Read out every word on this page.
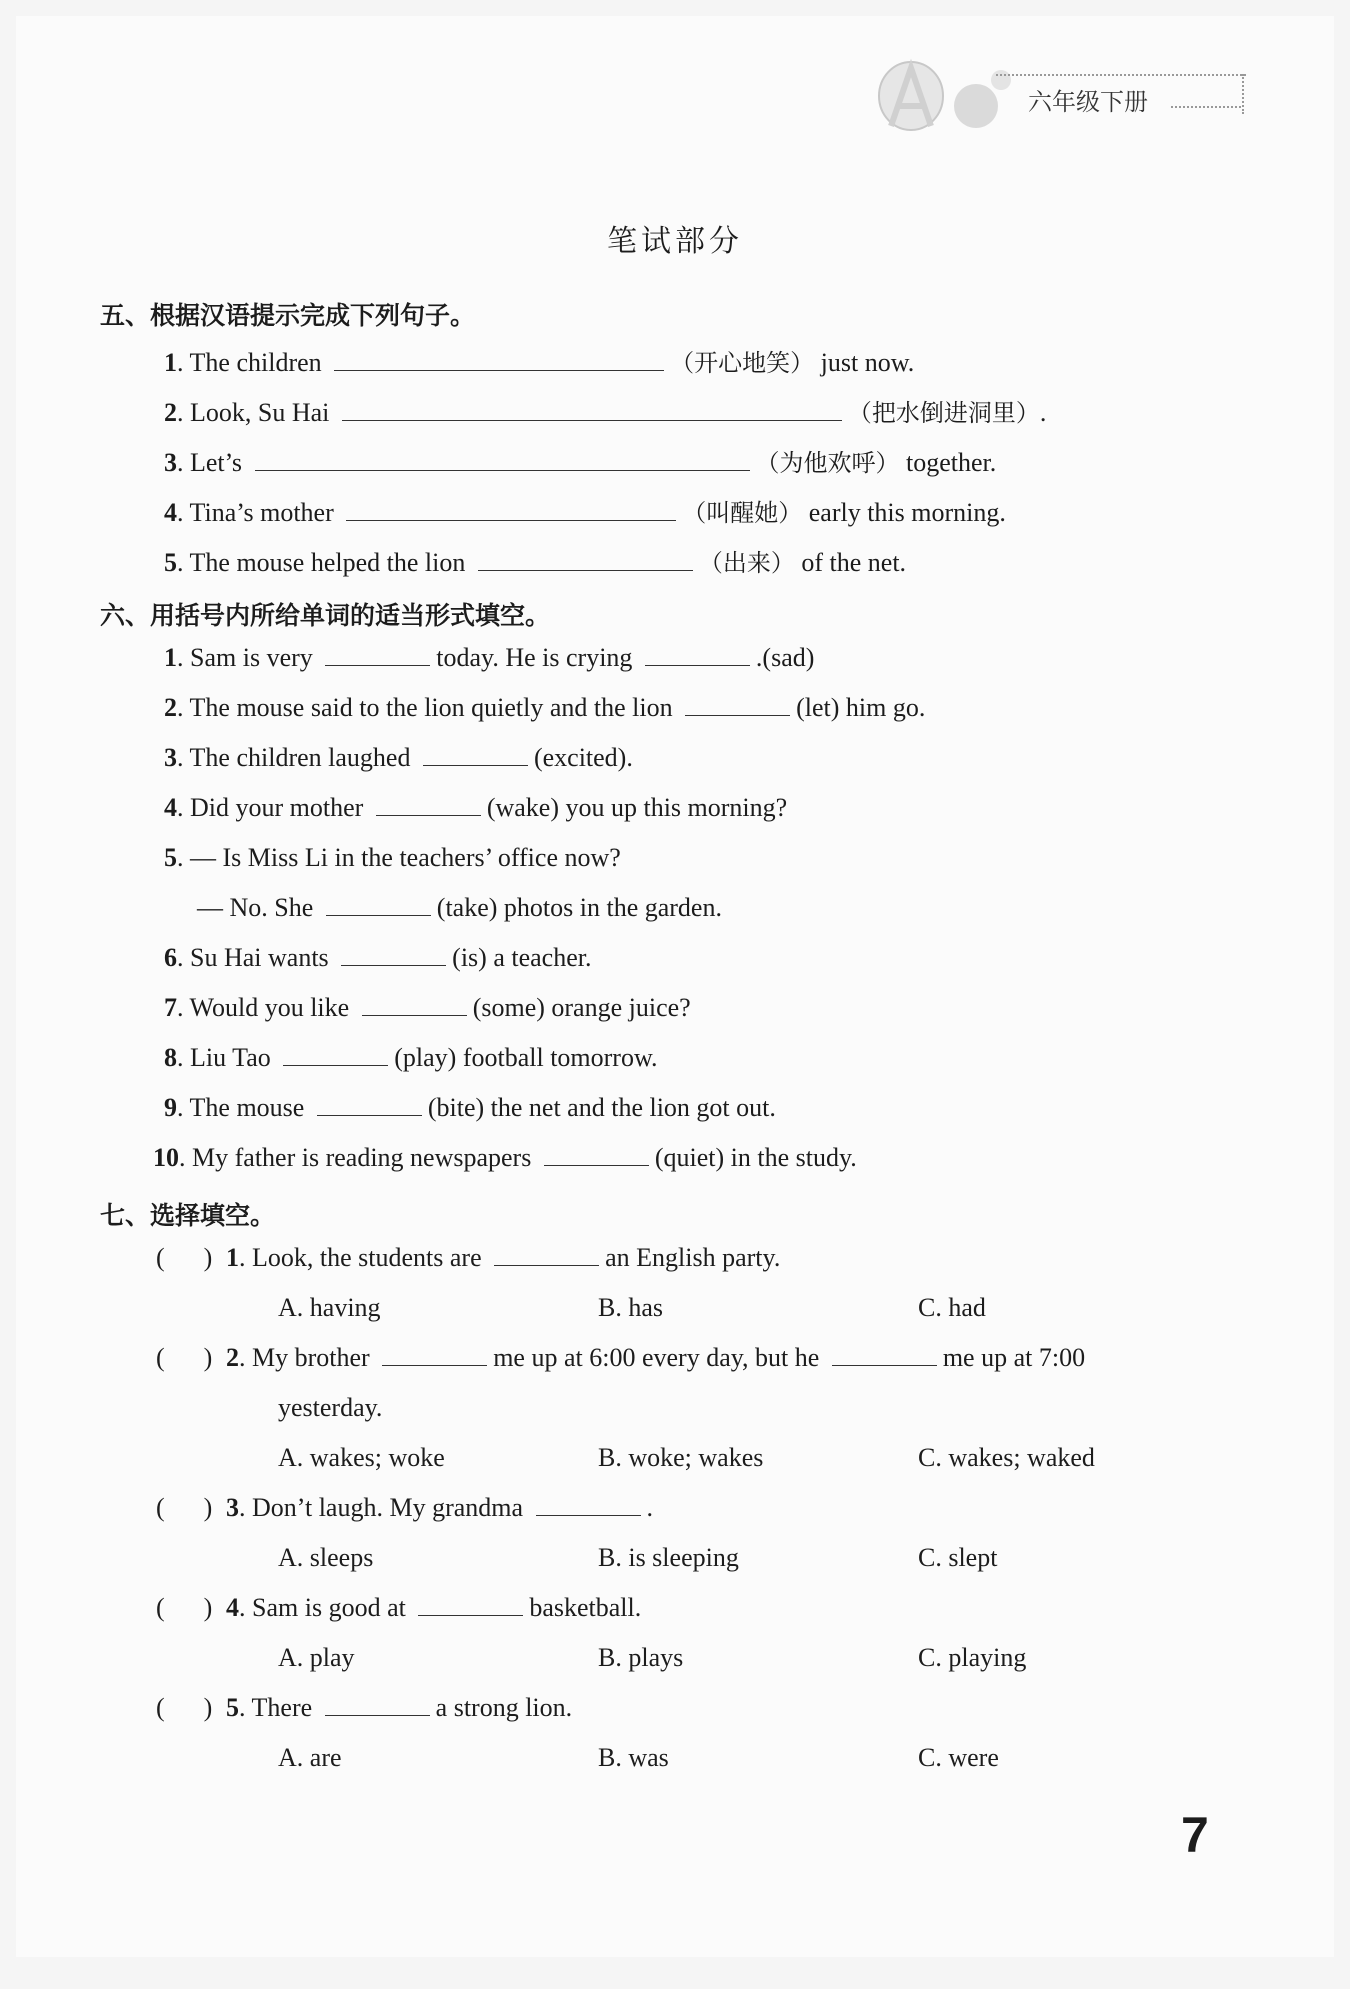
六年级下册
笔试部分
五、根据汉语提示完成下列句子。
1. The children	（开心地笑） just now.
2. Look, Su Hai	（把水倒进洞里）.
3. Let’s	（为他欢呼） together.
4. Tina’s mother	（叫醒她） early this morning.
5. The mouse helped the lion	（出来） of the net.
六、用括号内所给单词的适当形式填空。
1. Sam is very	today. He is crying	.(sad)
2. The mouse said to the lion quietly and the lion	(let) him go.
3. The children laughed	(excited).
4. Did your mother	(wake) you up this morning?
5. — Is Miss Li in the teachers’ office now?
— No. She	(take) photos in the garden.
6. Su Hai wants	(is) a teacher.
7. Would you like	(some) orange juice?
8. Liu Tao	(play) football tomorrow.
9. The mouse	(bite) the net and the lion got out.
10. My father is reading newspapers	(quiet) in the study.
七、选择填空。
(      ) 1. Look, the students are	an English party.
A. having	B. has	C. had
(      ) 2. My brother	me up at 6:00 every day, but he	me up at 7:00
yesterday.
A. wakes; woke	B. woke; wakes	C. wakes; waked
(      ) 3. Don’t laugh. My grandma	.
A. sleeps	B. is sleeping	C. slept
(      ) 4. Sam is good at	basketball.
A. play	B. plays	C. playing
(      ) 5. There	a strong lion.
A. are	B. was	C. were
7
